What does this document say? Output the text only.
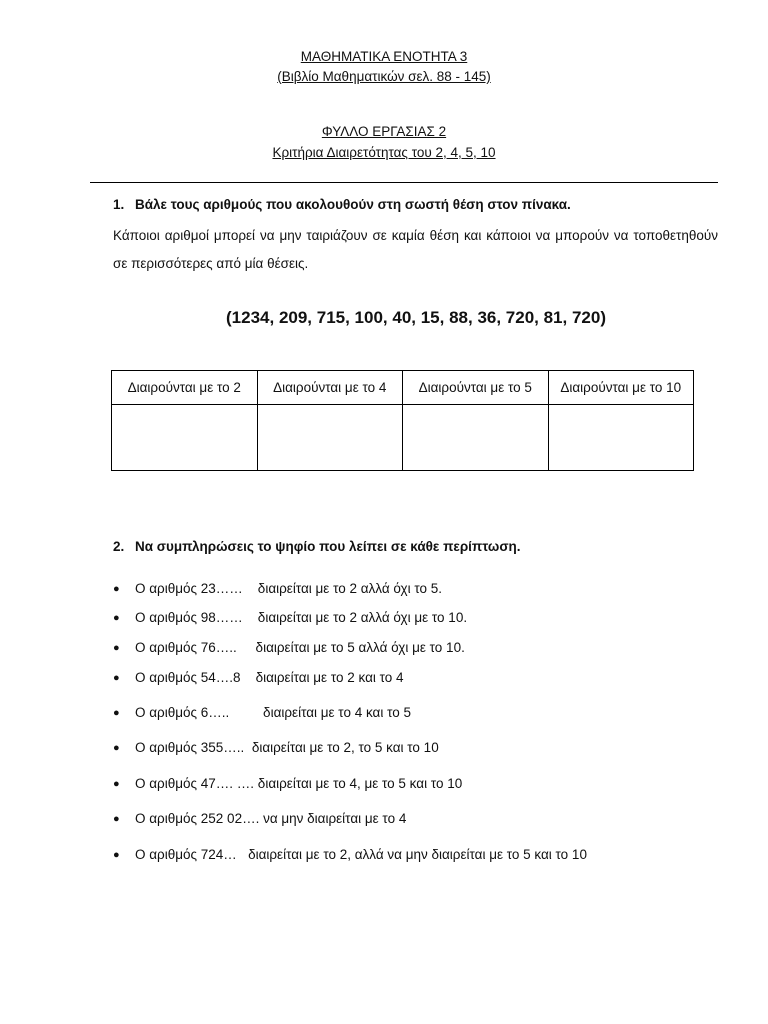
ΜΑΘΗΜΑΤΙΚΑ ΕΝΟΤΗΤΑ 3
(Βιβλίο Μαθηματικών σελ. 88 - 145)
ΦΥΛΛΟ ΕΡΓΑΣΙΑΣ 2
Κριτήρια Διαιρετότητας του 2, 4, 5, 10
1. Βάλε τους αριθμούς που ακολουθούν στη σωστή θέση στον πίνακα.
Κάποιοι αριθμοί μπορεί να μην ταιριάζουν σε καμία θέση και κάποιοι να μπορούν να τοποθετηθούν σε περισσότερες από μία θέσεις.
(1234, 209, 715, 100, 40, 15, 88, 36, 720, 81, 720)
Διαιρούνται με το 2	Διαιρούνται με το 4	Διαιρούνται με το 5	Διαιρούνται με το 10

2. Να συμπληρώσεις το ψηφίο που λείπει σε κάθε περίπτωση.
● Ο αριθμός 23……    διαιρείται με το 2 αλλά όχι το 5.
● Ο αριθμός 98……    διαιρείται με το 2 αλλά όχι με το 10.
● Ο αριθμός 76…..     διαιρείται με το 5 αλλά όχι με το 10.
● Ο αριθμός 54….8    διαιρείται με το 2 και το 4
● Ο αριθμός 6…..         διαιρείται με το 4 και το 5
● Ο αριθμός 355…..  διαιρείται με το 2, το 5 και το 10
● Ο αριθμός 47…. …. διαιρείται με το 4, με το 5 και το 10
● Ο αριθμός 252 02…. να μην διαιρείται με το 4
● Ο αριθμός 724…   διαιρείται με το 2, αλλά να μην διαιρείται με το 5 και το 10
